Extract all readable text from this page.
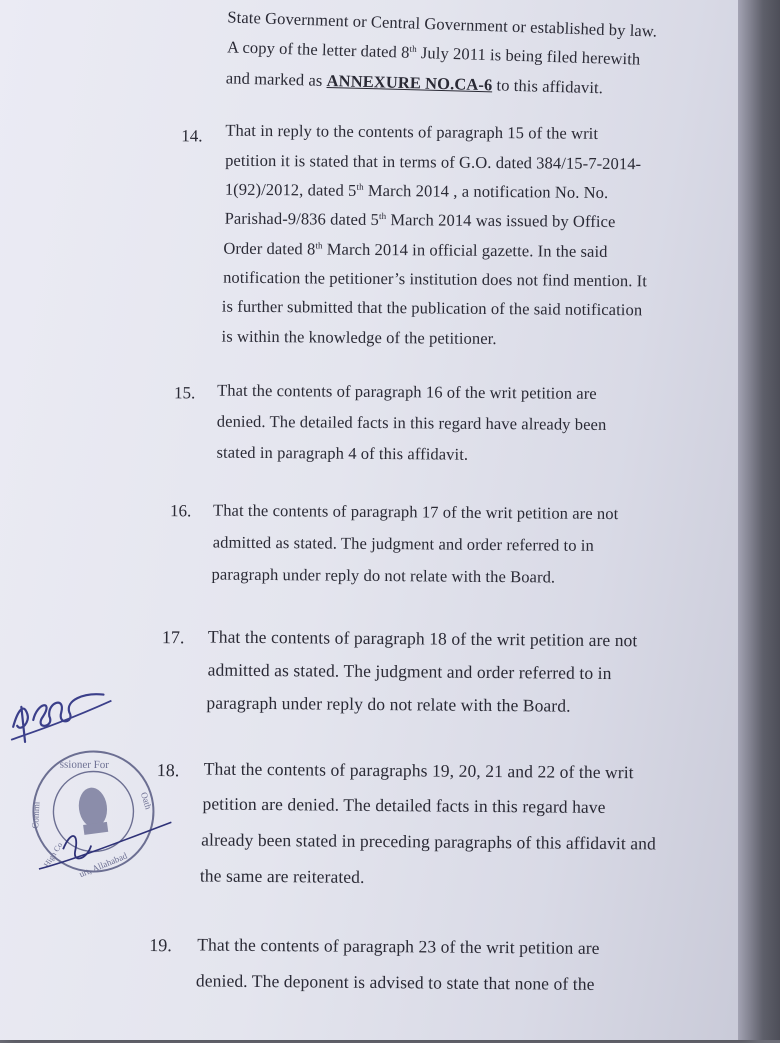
State Government or Central Government or established by law.
A copy of the letter dated 8th July 2011 is being filed herewith
and marked as ANNEXURE NO.CA-6 to this affidavit.
14. That in reply to the contents of paragraph 15 of the writ
petition it is stated that in terms of G.O. dated 384/15-7-2014-
1(92)/2012, dated 5th March 2014 , a notification No. No.
Parishad-9/836 dated 5th March 2014 was issued by Office
Order dated 8th March 2014 in official gazette. In the said
notification the petitioner’s institution does not find mention. It
is further submitted that the publication of the said notification
is within the knowledge of the petitioner.
15. That the contents of paragraph 16 of the writ petition are
denied. The detailed facts in this regard have already been
stated in paragraph 4 of this affidavit.
16. That the contents of paragraph 17 of the writ petition are not
admitted as stated. The judgment and order referred to in
paragraph under reply do not relate with the Board.
17. That the contents of paragraph 18 of the writ petition are not
admitted as stated. The judgment and order referred to in
paragraph under reply do not relate with the Board.
18. That the contents of paragraphs 19, 20, 21 and 22 of the writ
petition are denied. The detailed facts in this regard have
already been stated in preceding paragraphs of this affidavit and
the same are reiterated.
19. That the contents of paragraph 23 of the writ petition are
denied. The deponent is advised to state that none of the
ssioner For
Commi
Oath
urt, Allahabad
High Co
